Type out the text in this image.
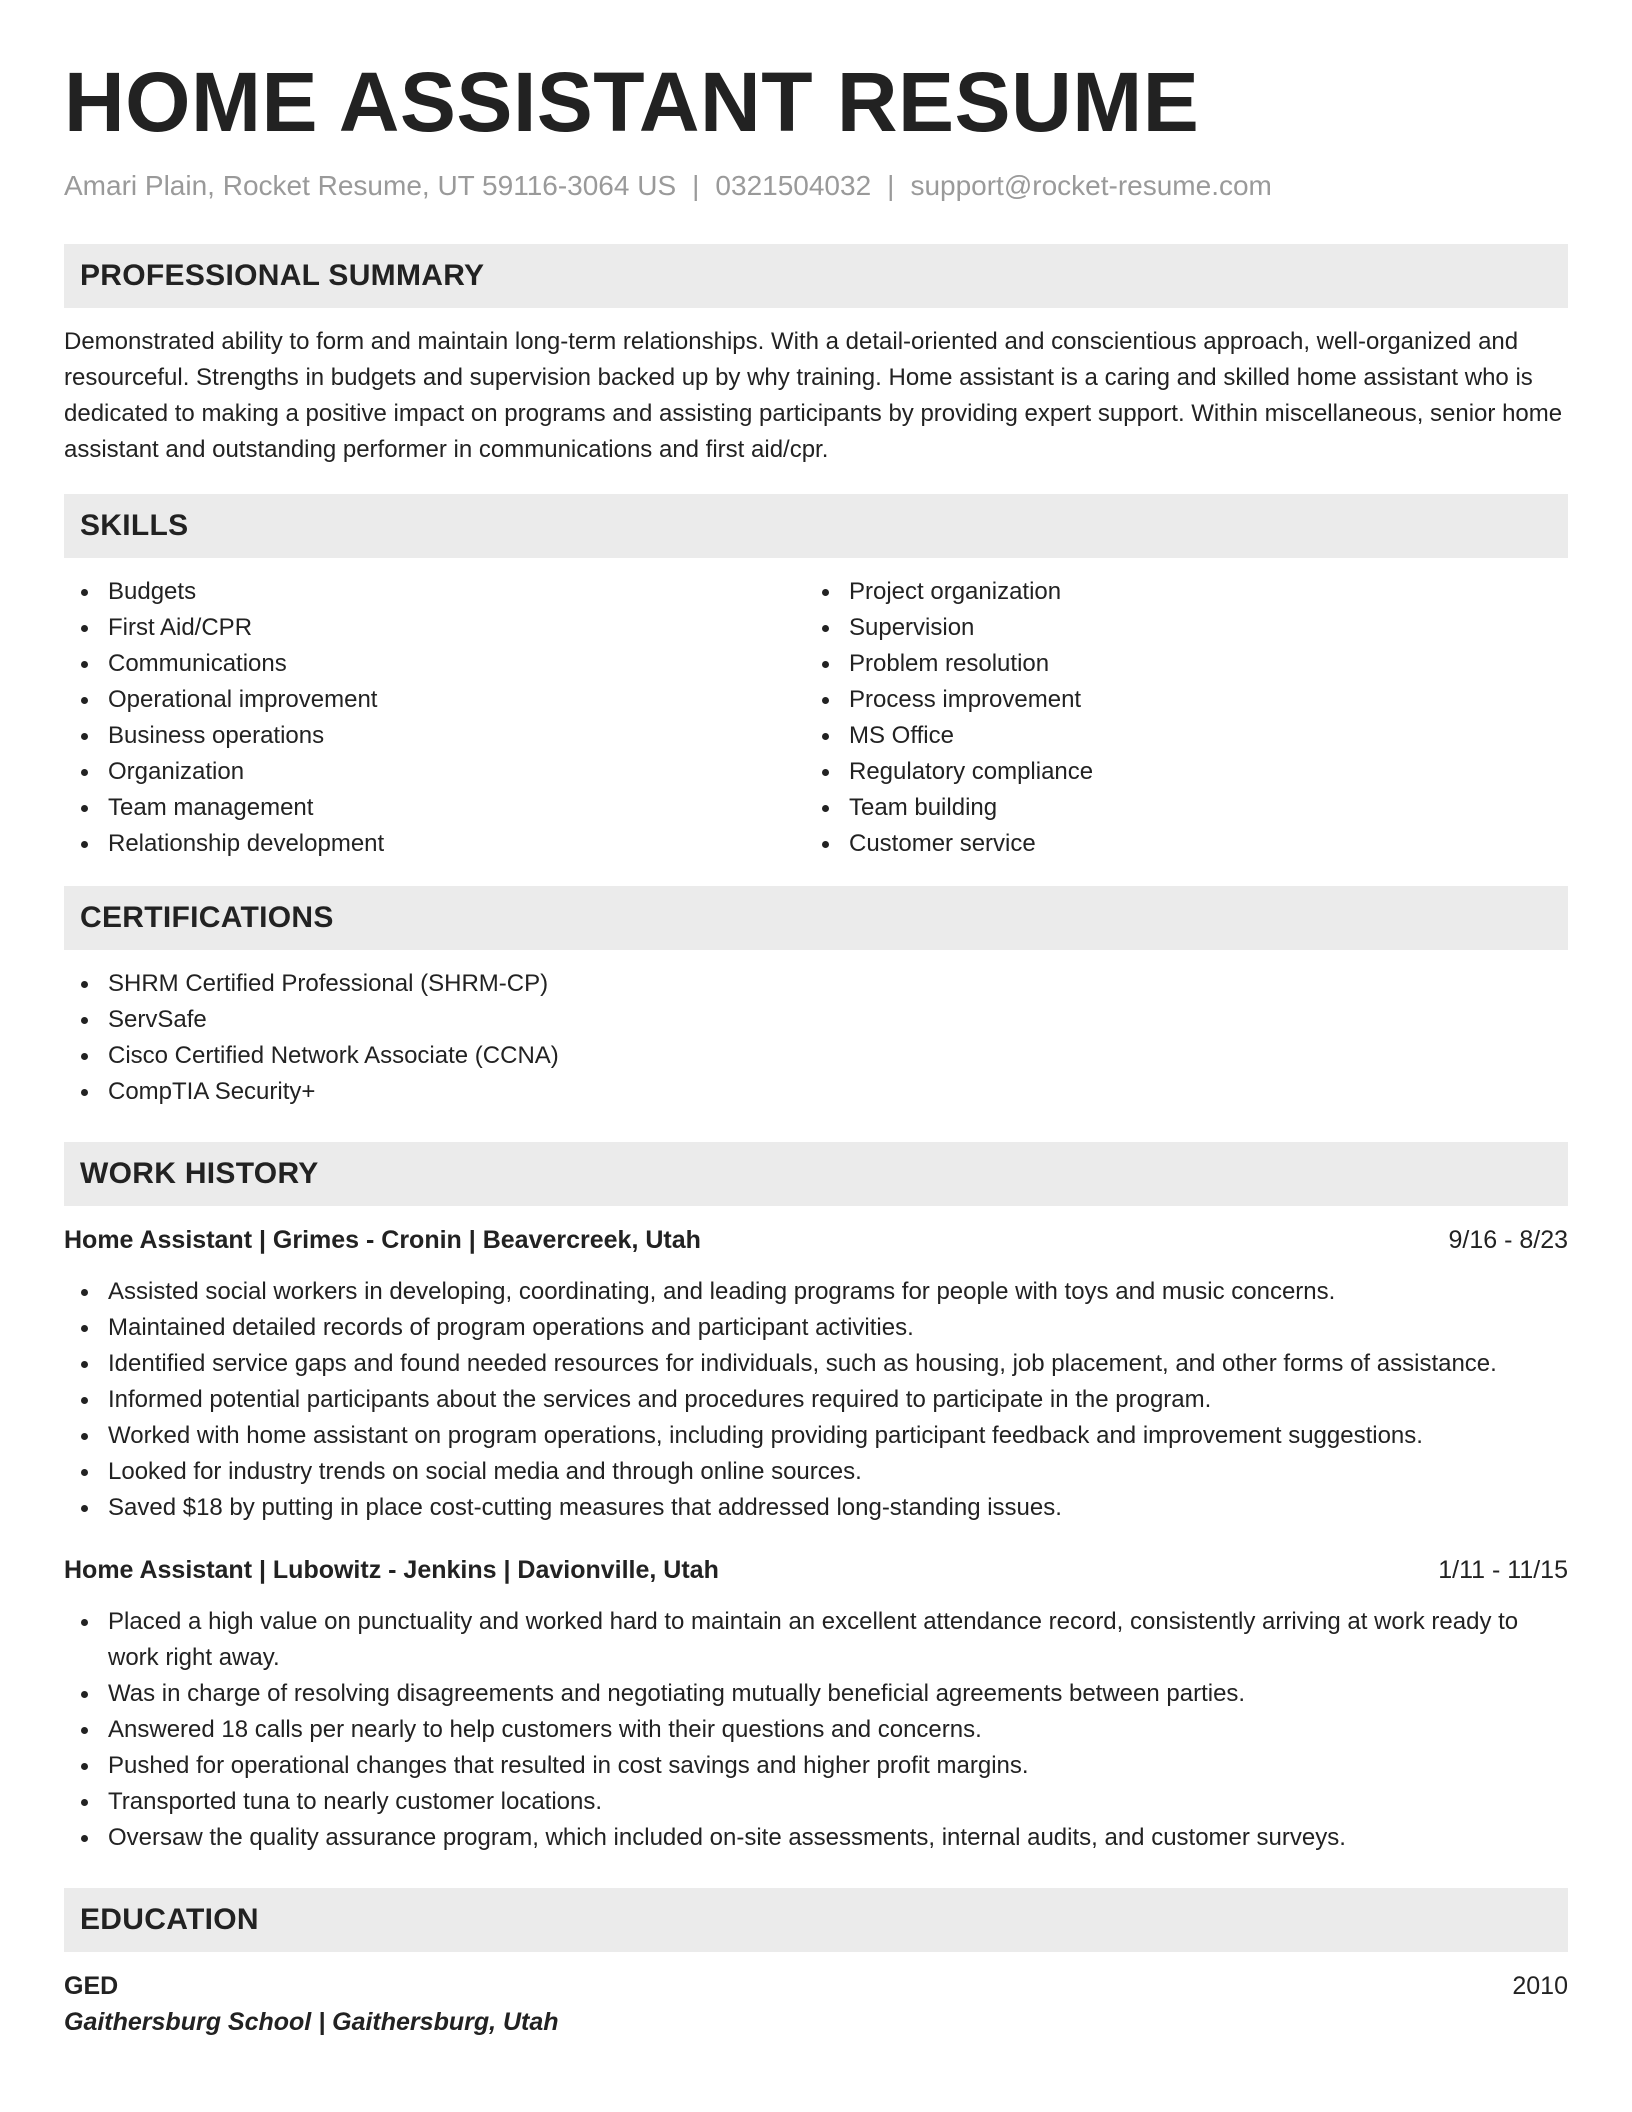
HOME ASSISTANT RESUME
Amari Plain, Rocket Resume, UT 59116-3064 US | 0321504032 | support@rocket-resume.com
PROFESSIONAL SUMMARY

Demonstrated ability to form and maintain long-term relationships. With a detail-oriented and conscientious approach, well-organized and resourceful. Strengths in budgets and supervision backed up by why training. Home assistant is a caring and skilled home assistant who is dedicated to making a positive impact on programs and assisting participants by providing expert support. Within miscellaneous, senior home assistant and outstanding performer in communications and first aid/cpr.

SKILLS
Budgets
First Aid/CPR
Communications
Operational improvement
Business operations
Organization
Team management
Relationship development
Project organization
Supervision
Problem resolution
Process improvement
MS Office
Regulatory compliance
Team building
Customer service
CERTIFICATIONS
SHRM Certified Professional (SHRM-CP)
ServSafe
Cisco Certified Network Associate (CCNA)
CompTIA Security+
WORK HISTORY
Home Assistant | Grimes - Cronin | Beavercreek, Utah	9/16 - 8/23
Assisted social workers in developing, coordinating, and leading programs for people with toys and music concerns.
Maintained detailed records of program operations and participant activities.
Identified service gaps and found needed resources for individuals, such as housing, job placement, and other forms of assistance.
Informed potential participants about the services and procedures required to participate in the program.
Worked with home assistant on program operations, including providing participant feedback and improvement suggestions.
Looked for industry trends on social media and through online sources.
Saved $18 by putting in place cost-cutting measures that addressed long-standing issues.
Home Assistant | Lubowitz - Jenkins | Davionville, Utah	1/11 - 11/15
Placed a high value on punctuality and worked hard to maintain an excellent attendance record, consistently arriving at work ready to work right away.
Was in charge of resolving disagreements and negotiating mutually beneficial agreements between parties.
Answered 18 calls per nearly to help customers with their questions and concerns.
Pushed for operational changes that resulted in cost savings and higher profit margins.
Transported tuna to nearly customer locations.
Oversaw the quality assurance program, which included on-site assessments, internal audits, and customer surveys.
EDUCATION
GED	2010
Gaithersburg School | Gaithersburg, Utah
